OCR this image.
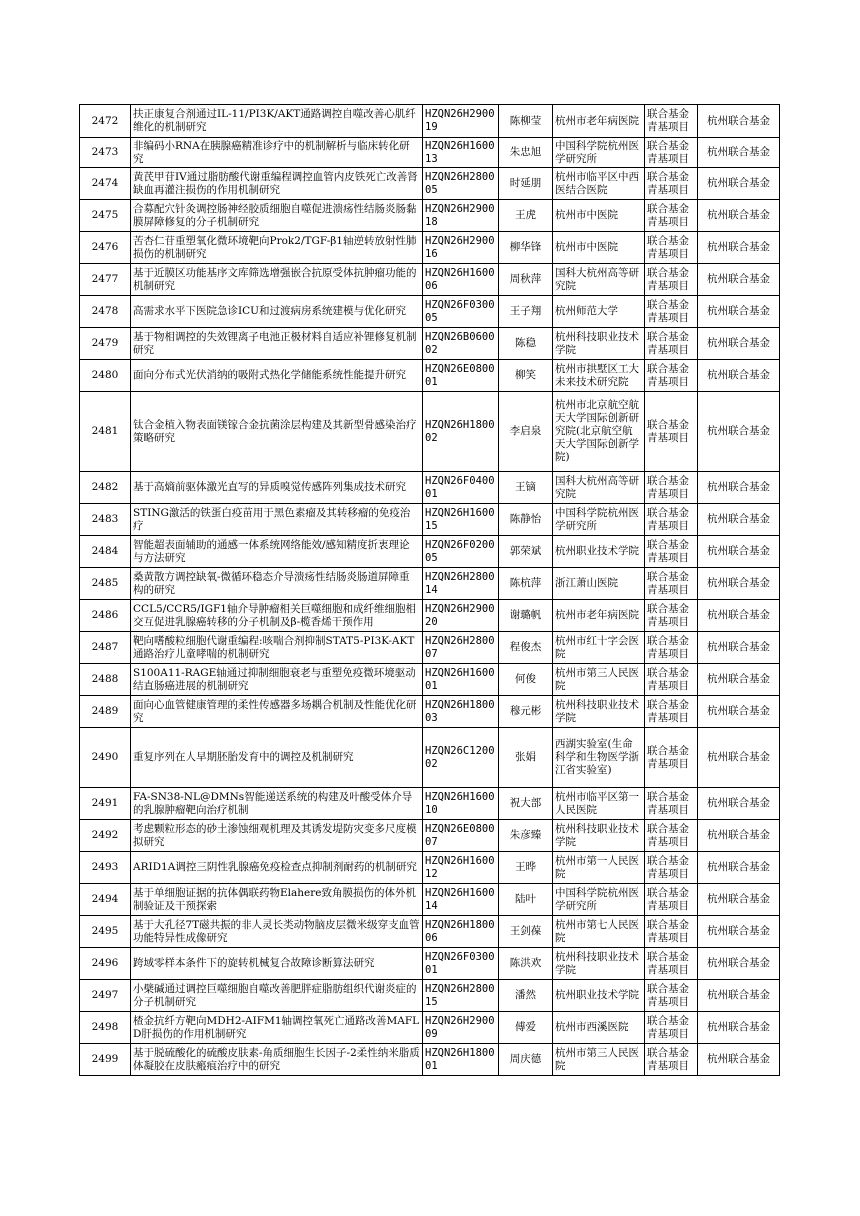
2472	扶正康复合剂通过IL-11/PI3K/AKT通路调控自噬改善心肌纤维化的机制研究	HZQN26H290019	陈柳莹	杭州市老年病医院	联合基金青基项目	杭州联合基金
2473	非编码小RNA在胰腺癌精准诊疗中的机制解析与临床转化研究	HZQN26H160013	朱忠旭	中国科学院杭州医学研究所	联合基金青基项目	杭州联合基金
2474	黄芪甲苷IV通过脂肪酸代谢重编程调控血管内皮铁死亡改善肾缺血再灌注损伤的作用机制研究	HZQN26H280005	时延朋	杭州市临平区中西医结合医院	联合基金青基项目	杭州联合基金
2475	合募配穴针灸调控肠神经胶质细胞自噬促进溃疡性结肠炎肠黏膜屏障修复的分子机制研究	HZQN26H290018	王虎	杭州市中医院	联合基金青基项目	杭州联合基金
2476	苦杏仁苷重塑氧化微环境靶向Prok2/TGF-β1轴逆转放射性肺损伤的机制研究	HZQN26H290016	柳华锋	杭州市中医院	联合基金青基项目	杭州联合基金
2477	基于近膜区功能基序文库筛选增强嵌合抗原受体抗肿瘤功能的机制研究	HZQN26H160006	周秋萍	国科大杭州高等研究院	联合基金青基项目	杭州联合基金
2478	高需求水平下医院急诊ICU和过渡病房系统建模与优化研究	HZQN26F030005	王子翔	杭州师范大学	联合基金青基项目	杭州联合基金
2479	基于物相调控的失效锂离子电池正极材料自适应补锂修复机制研究	HZQN26B060002	陈稳	杭州科技职业技术学院	联合基金青基项目	杭州联合基金
2480	面向分布式光伏消纳的吸附式热化学储能系统性能提升研究	HZQN26E080001	柳笑	杭州市拱墅区工大未来技术研究院	联合基金青基项目	杭州联合基金
2481	钛合金植入物表面镁镓合金抗菌涂层构建及其新型骨感染治疗策略研究	HZQN26H180002	李启泉	杭州市北京航空航天大学国际创新研究院(北京航空航天大学国际创新学院)	联合基金青基项目	杭州联合基金
2482	基于高熵前驱体激光直写的异质嗅觉传感阵列集成技术研究	HZQN26F040001	王镝	国科大杭州高等研究院	联合基金青基项目	杭州联合基金
2483	STING激活的铁蛋白疫苗用于黑色素瘤及其转移瘤的免疫治疗	HZQN26H160015	陈静怡	中国科学院杭州医学研究所	联合基金青基项目	杭州联合基金
2484	智能超表面辅助的通感一体系统网络能效/感知精度折衷理论与方法研究	HZQN26F020005	郭荣斌	杭州职业技术学院	联合基金青基项目	杭州联合基金
2485	桑黄散方调控缺氧-微循环稳态介导溃疡性结肠炎肠道屏障重构的研究	HZQN26H280014	陈杭萍	浙江萧山医院	联合基金青基项目	杭州联合基金
2486	CCL5/CCR5/IGF1轴介导肿瘤相关巨噬细胞和成纤维细胞相交互促进乳腺癌转移的分子机制及β-榄香烯干预作用	HZQN26H290020	谢璐帆	杭州市老年病医院	联合基金青基项目	杭州联合基金
2487	靶向嗜酸粒细胞代谢重编程:咳喘合剂抑制STAT5-PI3K-AKT通路治疗儿童哮喘的机制研究	HZQN26H280007	程俊杰	杭州市红十字会医院	联合基金青基项目	杭州联合基金
2488	S100A11-RAGE轴通过抑制细胞衰老与重塑免疫微环境驱动结直肠癌进展的机制研究	HZQN26H160001	何俊	杭州市第三人民医院	联合基金青基项目	杭州联合基金
2489	面向心血管健康管理的柔性传感器多场耦合机制及性能优化研究	HZQN26H180003	穆元彬	杭州科技职业技术学院	联合基金青基项目	杭州联合基金
2490	重复序列在人早期胚胎发育中的调控及机制研究	HZQN26C120002	张娟	西湖实验室(生命科学和生物医学浙江省实验室)	联合基金青基项目	杭州联合基金
2491	FA-SN38-NL@DMNs智能递送系统的构建及叶酸受体介导的乳腺肿瘤靶向治疗机制	HZQN26H160010	祝大部	杭州市临平区第一人民医院	联合基金青基项目	杭州联合基金
2492	考虑颗粒形态的砂土渗蚀细观机理及其诱发堤防灾变多尺度模拟研究	HZQN26E080007	朱彦臻	杭州科技职业技术学院	联合基金青基项目	杭州联合基金
2493	ARID1A调控三阴性乳腺癌免疫检查点抑制剂耐药的机制研究	HZQN26H160012	王晔	杭州市第一人民医院	联合基金青基项目	杭州联合基金
2494	基于单细胞证据的抗体偶联药物Elahere致角膜损伤的体外机制验证及干预探索	HZQN26H160014	陆叶	中国科学院杭州医学研究所	联合基金青基项目	杭州联合基金
2495	基于大孔径7T磁共振的非人灵长类动物脑皮层微米级穿支血管功能特异性成像研究	HZQN26H180006	王剑葆	杭州市第七人民医院	联合基金青基项目	杭州联合基金
2496	跨域零样本条件下的旋转机械复合故障诊断算法研究	HZQN26F030001	陈洪欢	杭州科技职业技术学院	联合基金青基项目	杭州联合基金
2497	小檗碱通过调控巨噬细胞自噬改善肥胖症脂肪组织代谢炎症的分子机制研究	HZQN26H280015	潘然	杭州职业技术学院	联合基金青基项目	杭州联合基金
2498	楂金抗纤方靶向MDH2-AIFM1轴调控氧死亡通路改善MAFLD肝损伤的作用机制研究	HZQN26H290009	傅爱	杭州市西溪医院	联合基金青基项目	杭州联合基金
2499	基于脱硫酸化的硫酸皮肤素-角质细胞生长因子-2柔性纳米脂质体凝胶在皮肤瘢痕治疗中的研究	HZQN26H180001	周庆德	杭州市第三人民医院	联合基金青基项目	杭州联合基金
